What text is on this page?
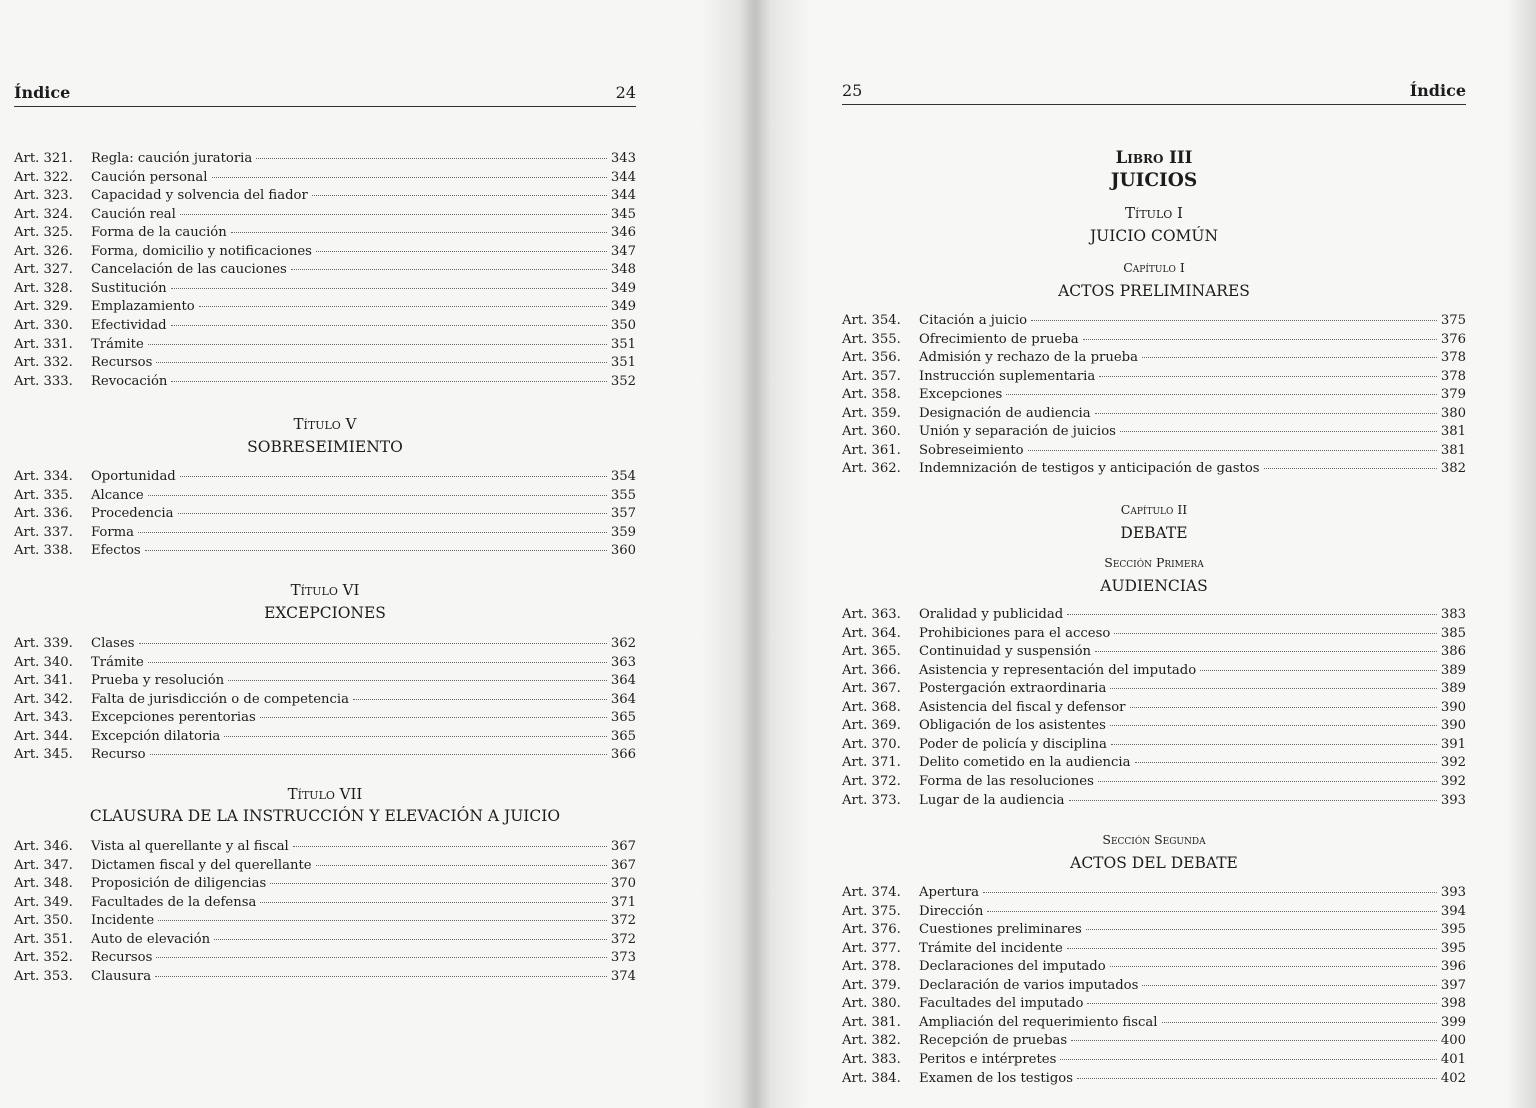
Índice	24
Título V
SOBRESEIMIENTO
Título VI
EXCEPCIONES
Título VII
CLAUSURA DE LA INSTRUCCIÓN Y ELEVACIÓN A JUICIO
Art. 321.	Regla: caución juratoria	343
Art. 322.	Caución personal	344
Art. 323.	Capacidad y solvencia del fiador	344
Art. 324.	Caución real	345
Art. 325.	Forma de la caución	346
Art. 326.	Forma, domicilio y notificaciones	347
Art. 327.	Cancelación de las cauciones	348
Art. 328.	Sustitución	349
Art. 329.	Emplazamiento	349
Art. 330.	Efectividad	350
Art. 331.	Trámite	351
Art. 332.	Recursos	351
Art. 333.	Revocación	352
Art. 334.	Oportunidad	354
Art. 335.	Alcance	355
Art. 336.	Procedencia	357
Art. 337.	Forma	359
Art. 338.	Efectos	360
Art. 339.	Clases	362
Art. 340.	Trámite	363
Art. 341.	Prueba y resolución	364
Art. 342.	Falta de jurisdicción o de competencia	364
Art. 343.	Excepciones perentorias	365
Art. 344.	Excepción dilatoria	365
Art. 345.	Recurso	366
Art. 346.	Vista al querellante y al fiscal	367
Art. 347.	Dictamen fiscal y del querellante	367
Art. 348.	Proposición de diligencias	370
Art. 349.	Facultades de la defensa	371
Art. 350.	Incidente	372
Art. 351.	Auto de elevación	372
Art. 352.	Recursos	373
Art. 353.	Clausura	374
25	Índice
Libro III
JUICIOS
Título I
JUICIO COMÚN
Capítulo I
ACTOS PRELIMINARES
Capítulo II
DEBATE
Sección Primera
AUDIENCIAS
Sección Segunda
ACTOS DEL DEBATE
Art. 354.	Citación a juicio	375
Art. 355.	Ofrecimiento de prueba	376
Art. 356.	Admisión y rechazo de la prueba	378
Art. 357.	Instrucción suplementaria	378
Art. 358.	Excepciones	379
Art. 359.	Designación de audiencia	380
Art. 360.	Unión y separación de juicios	381
Art. 361.	Sobreseimiento	381
Art. 362.	Indemnización de testigos y anticipación de gastos	382
Art. 363.	Oralidad y publicidad	383
Art. 364.	Prohibiciones para el acceso	385
Art. 365.	Continuidad y suspensión	386
Art. 366.	Asistencia y representación del imputado	389
Art. 367.	Postergación extraordinaria	389
Art. 368.	Asistencia del fiscal y defensor	390
Art. 369.	Obligación de los asistentes	390
Art. 370.	Poder de policía y disciplina	391
Art. 371.	Delito cometido en la audiencia	392
Art. 372.	Forma de las resoluciones	392
Art. 373.	Lugar de la audiencia	393
Art. 374.	Apertura	393
Art. 375.	Dirección	394
Art. 376.	Cuestiones preliminares	395
Art. 377.	Trámite del incidente	395
Art. 378.	Declaraciones del imputado	396
Art. 379.	Declaración de varios imputados	397
Art. 380.	Facultades del imputado	398
Art. 381.	Ampliación del requerimiento fiscal	399
Art. 382.	Recepción de pruebas	400
Art. 383.	Peritos e intérpretes	401
Art. 384.	Examen de los testigos	402
